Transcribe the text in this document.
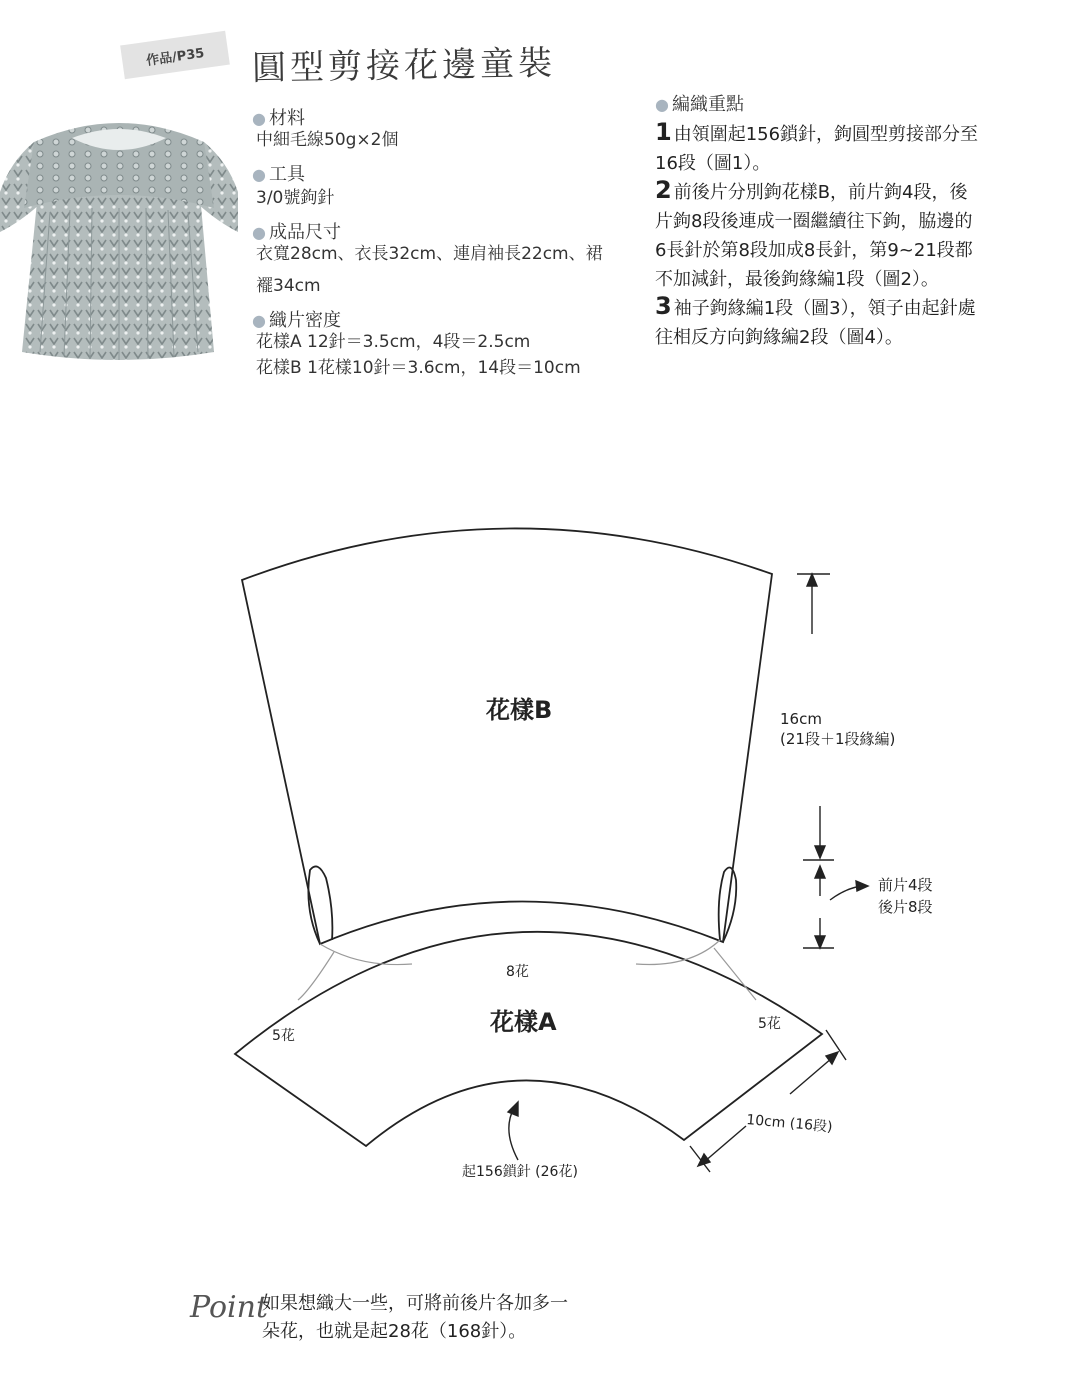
作品/P35	圓型剪接花邊童裝
● 材料
中細毛線50g×2個
● 工具
3/0號鉤針
● 成品尺寸
衣寬28cm、衣長32cm、連肩袖長22cm、裙
襬34cm
● 織片密度
花樣A 12針＝3.5cm，4段＝2.5cm
花樣B 1花樣10針＝3.6cm，14段＝10cm
● 編織重點
1 由領圍起156鎖針，鉤圓型剪接部分至
16段（圖1）。
2 前後片分別鉤花樣B，前片鉤4段，後
片鉤8段後連成一圈繼續往下鉤，脇邊的
6長針於第8段加成8長針，第9~21段都
不加減針，最後鉤緣編1段（圖2）。
3 袖子鉤緣編1段（圖3），領子由起針處
往相反方向鉤緣編2段（圖4）。
花樣B
花樣A
16cm
(21段＋1段緣編)
前片4段
後片8段
8花
5花
5花
10cm (16段)
起156鎖針 (26花)
Point
如果想織大一些，可將前後片各加多一
朵花，也就是起28花（168針）。
